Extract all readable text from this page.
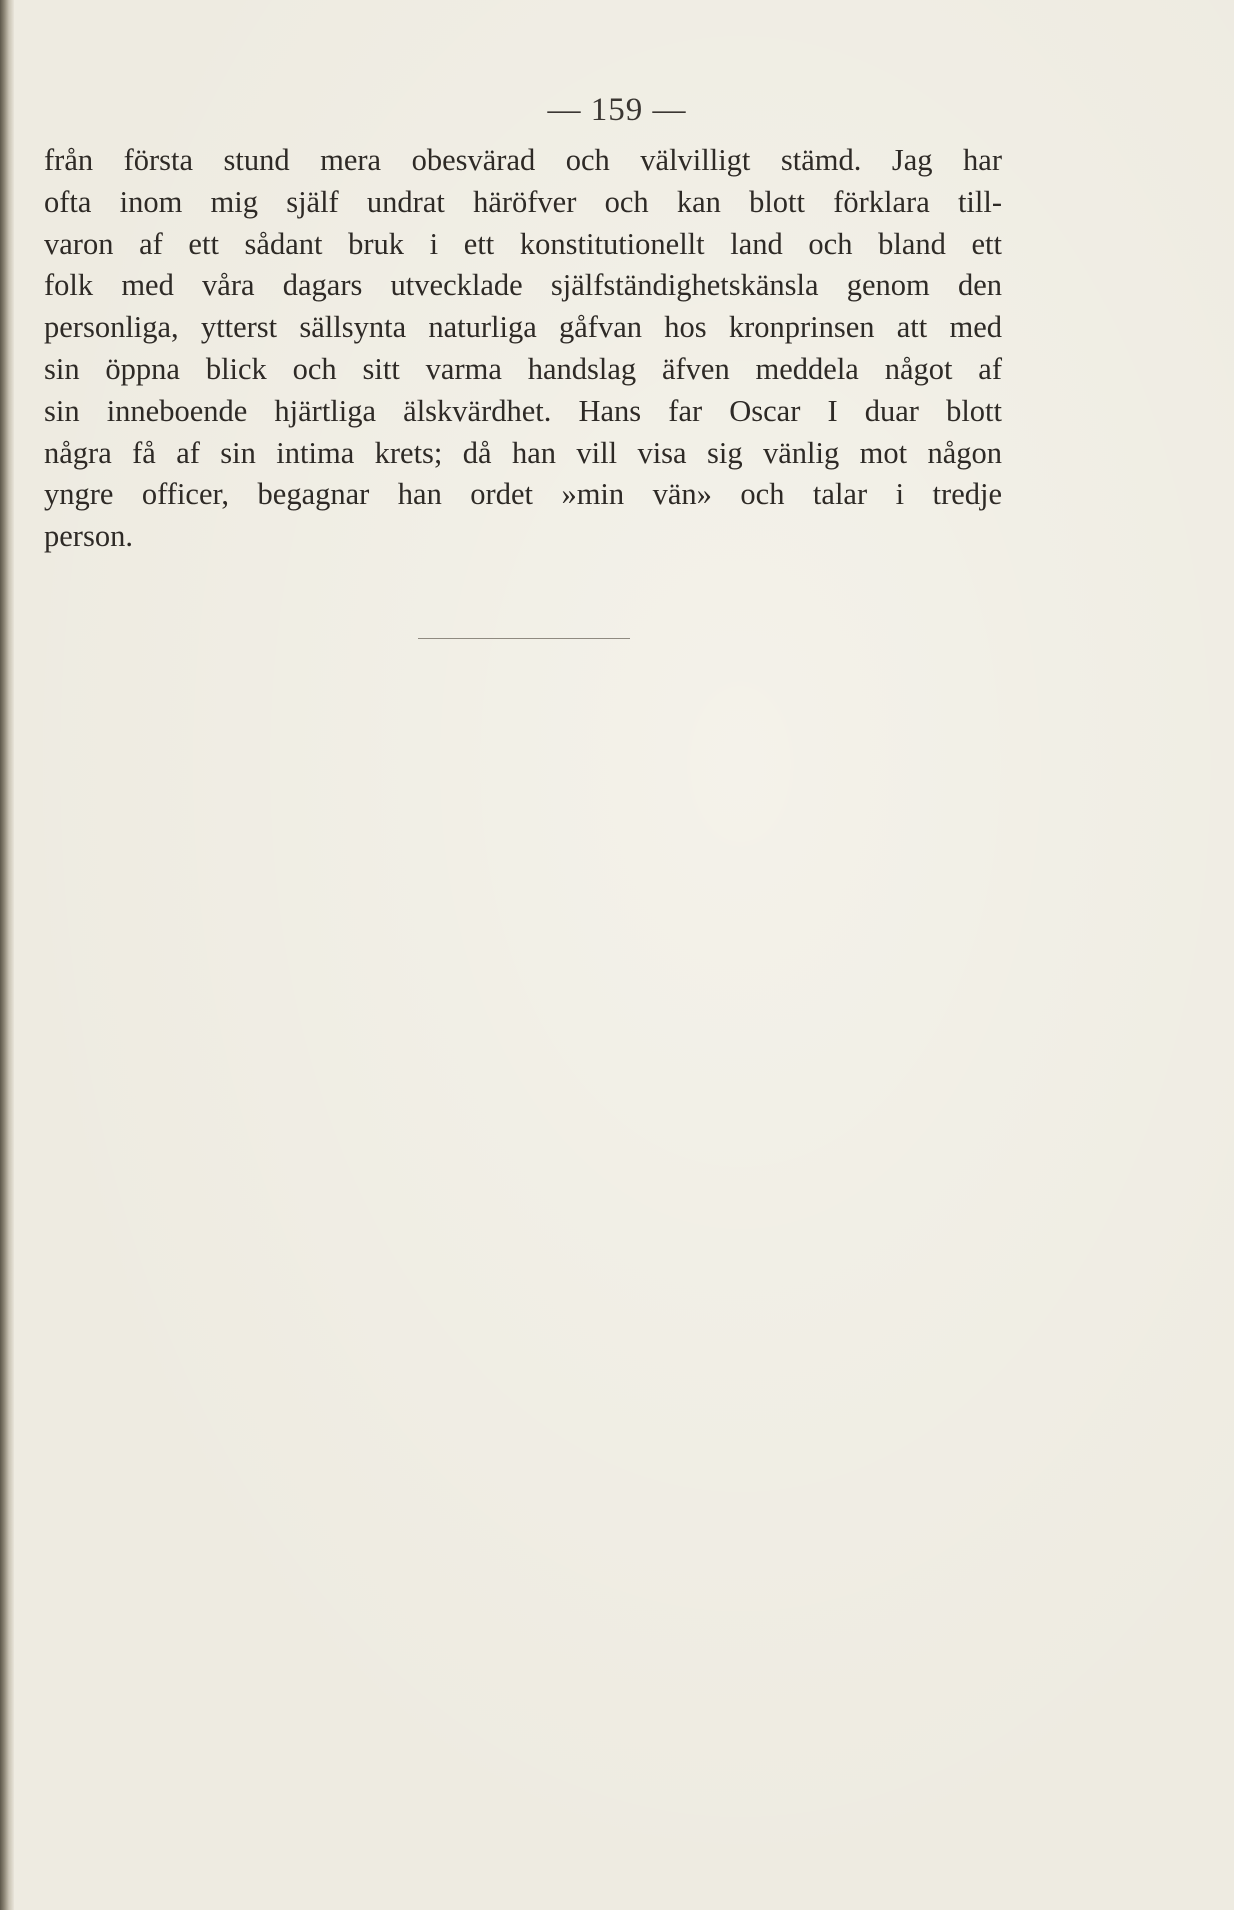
— 159 —
från första stund mera obesvärad och välvilligt stämd. Jag har
ofta inom mig själf undrat häröfver och kan blott förklara till-
varon af ett sådant bruk i ett konstitutionellt land och bland ett
folk med våra dagars utvecklade själfständighetskänsla genom den
personliga, ytterst sällsynta naturliga gåfvan hos kronprinsen att med
sin öppna blick och sitt varma handslag äfven meddela något af
sin inneboende hjärtliga älskvärdhet. Hans far Oscar I duar blott
några få af sin intima krets; då han vill visa sig vänlig mot någon
yngre officer, begagnar han ordet »min vän» och talar i tredje
person.
